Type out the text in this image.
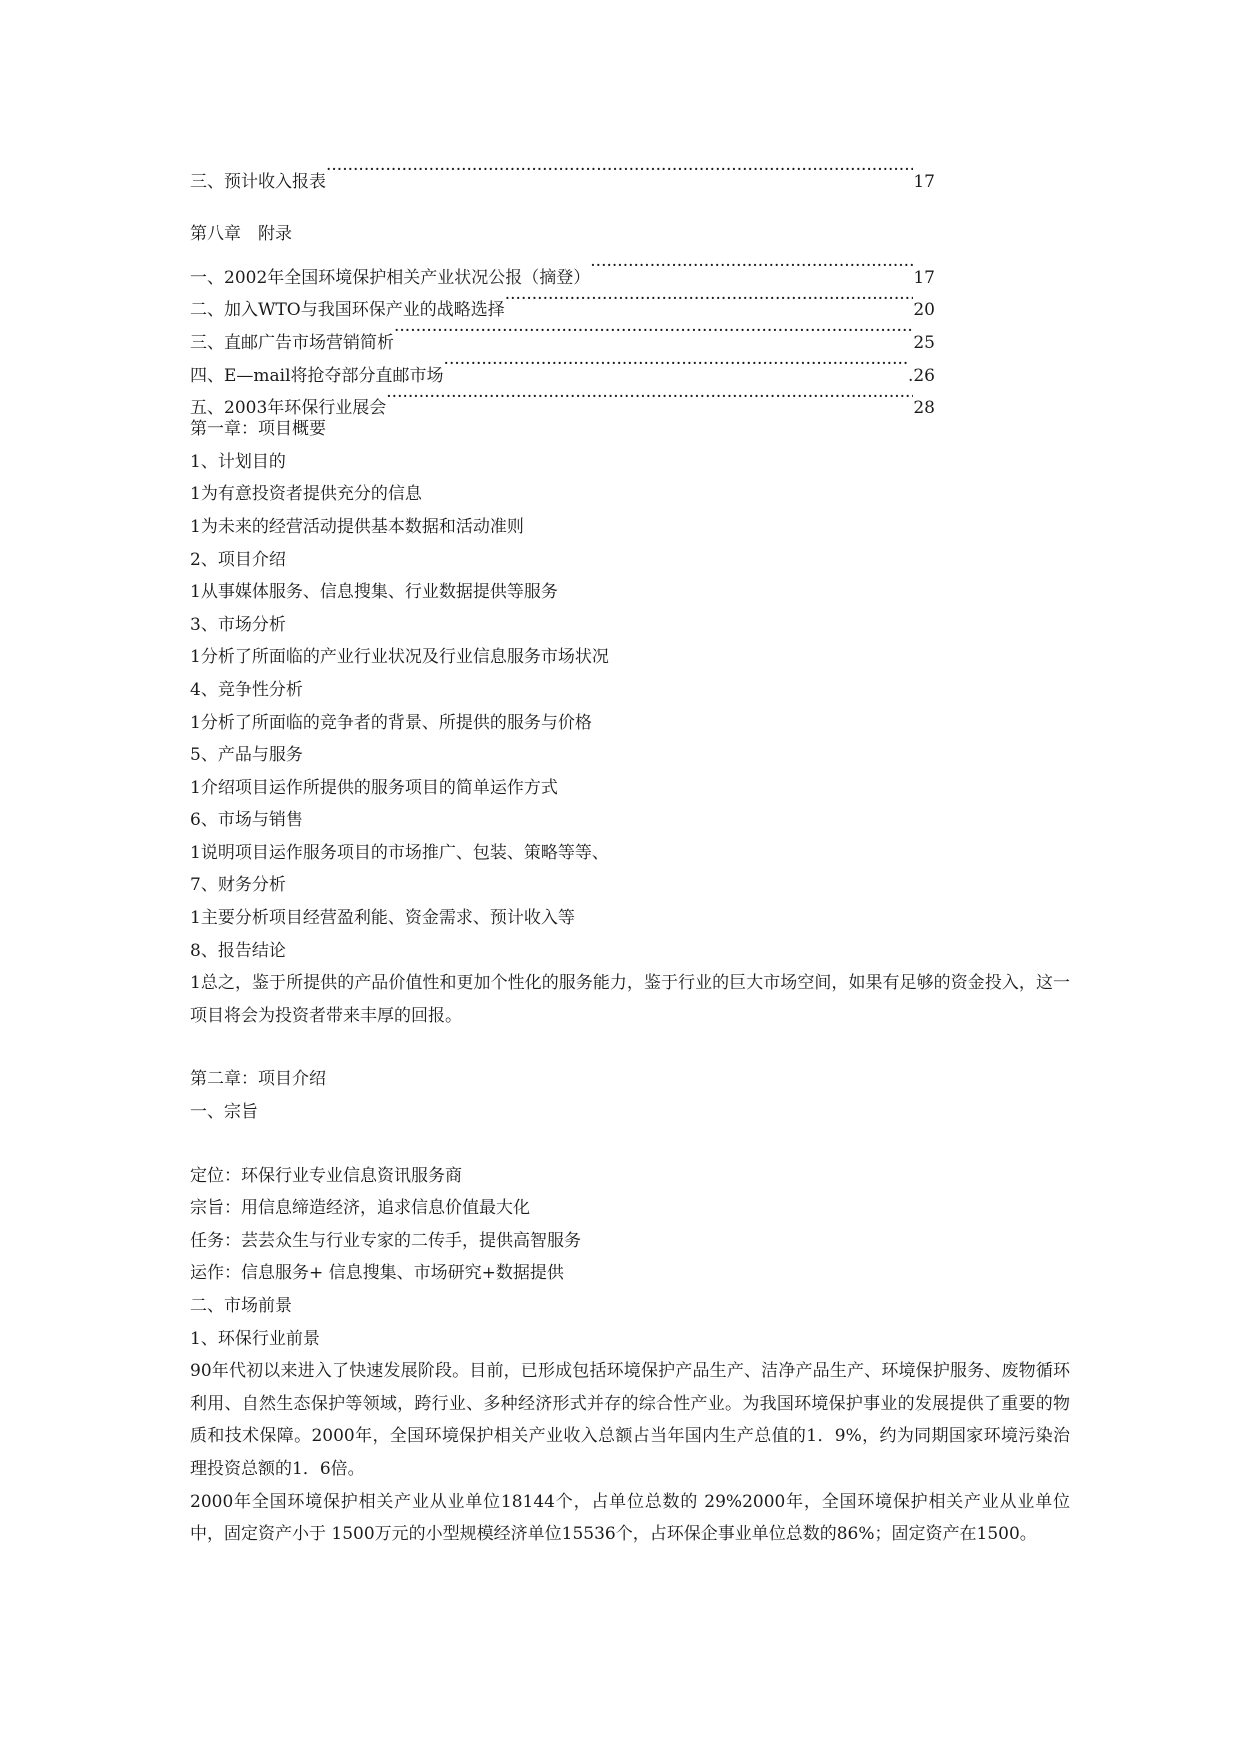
三、预计收入报表 ·····	17
第八章　附录
一、2002年全国环境保护相关产业状况公报（摘登） ·····	17
二、加入WTO与我国环保产业的战略选择 ·····	20
三、直邮广告市场营销简析 ·····	25
四、E—mail将抢夺部分直邮市场 ·····	.26
五、2003年环保行业展会 ·····	28
第一章：项目概要
1、计划目的
1为有意投资者提供充分的信息
1为未来的经营活动提供基本数据和活动准则
2、项目介绍
1从事媒体服务、信息搜集、行业数据提供等服务
3、市场分析
1分析了所面临的产业行业状况及行业信息服务市场状况
4、竞争性分析
1分析了所面临的竞争者的背景、所提供的服务与价格
5、产品与服务
1介绍项目运作所提供的服务项目的简单运作方式
6、市场与销售
1说明项目运作服务项目的市场推广、包装、策略等等、
7、财务分析
1主要分析项目经营盈利能、资金需求、预计收入等
8、报告结论
1总之，鉴于所提供的产品价值性和更加个性化的服务能力，鉴于行业的巨大市场空间，如果有足够的资金投入，这一项目将会为投资者带来丰厚的回报。
第二章：项目介绍
一、宗旨
定位：环保行业专业信息资讯服务商
宗旨：用信息缔造经济，追求信息价值最大化
任务：芸芸众生与行业专家的二传手，提供高智服务
运作：信息服务+ 信息搜集、市场研究+数据提供
二、市场前景
1、环保行业前景
90年代初以来进入了快速发展阶段。目前，已形成包括环境保护产品生产、洁净产品生产、环境保护服务、废物循环利用、自然生态保护等领域，跨行业、多种经济形式并存的综合性产业。为我国环境保护事业的发展提供了重要的物质和技术保障。2000年，全国环境保护相关产业收入总额占当年国内生产总值的1．9%，约为同期国家环境污染治理投资总额的1．6倍。
2000年全国环境保护相关产业从业单位18144个，占单位总数的 29%2000年，全国环境保护相关产业从业单位中，固定资产小于 1500万元的小型规模经济单位15536个，占环保企事业单位总数的86%；固定资产在1500。
